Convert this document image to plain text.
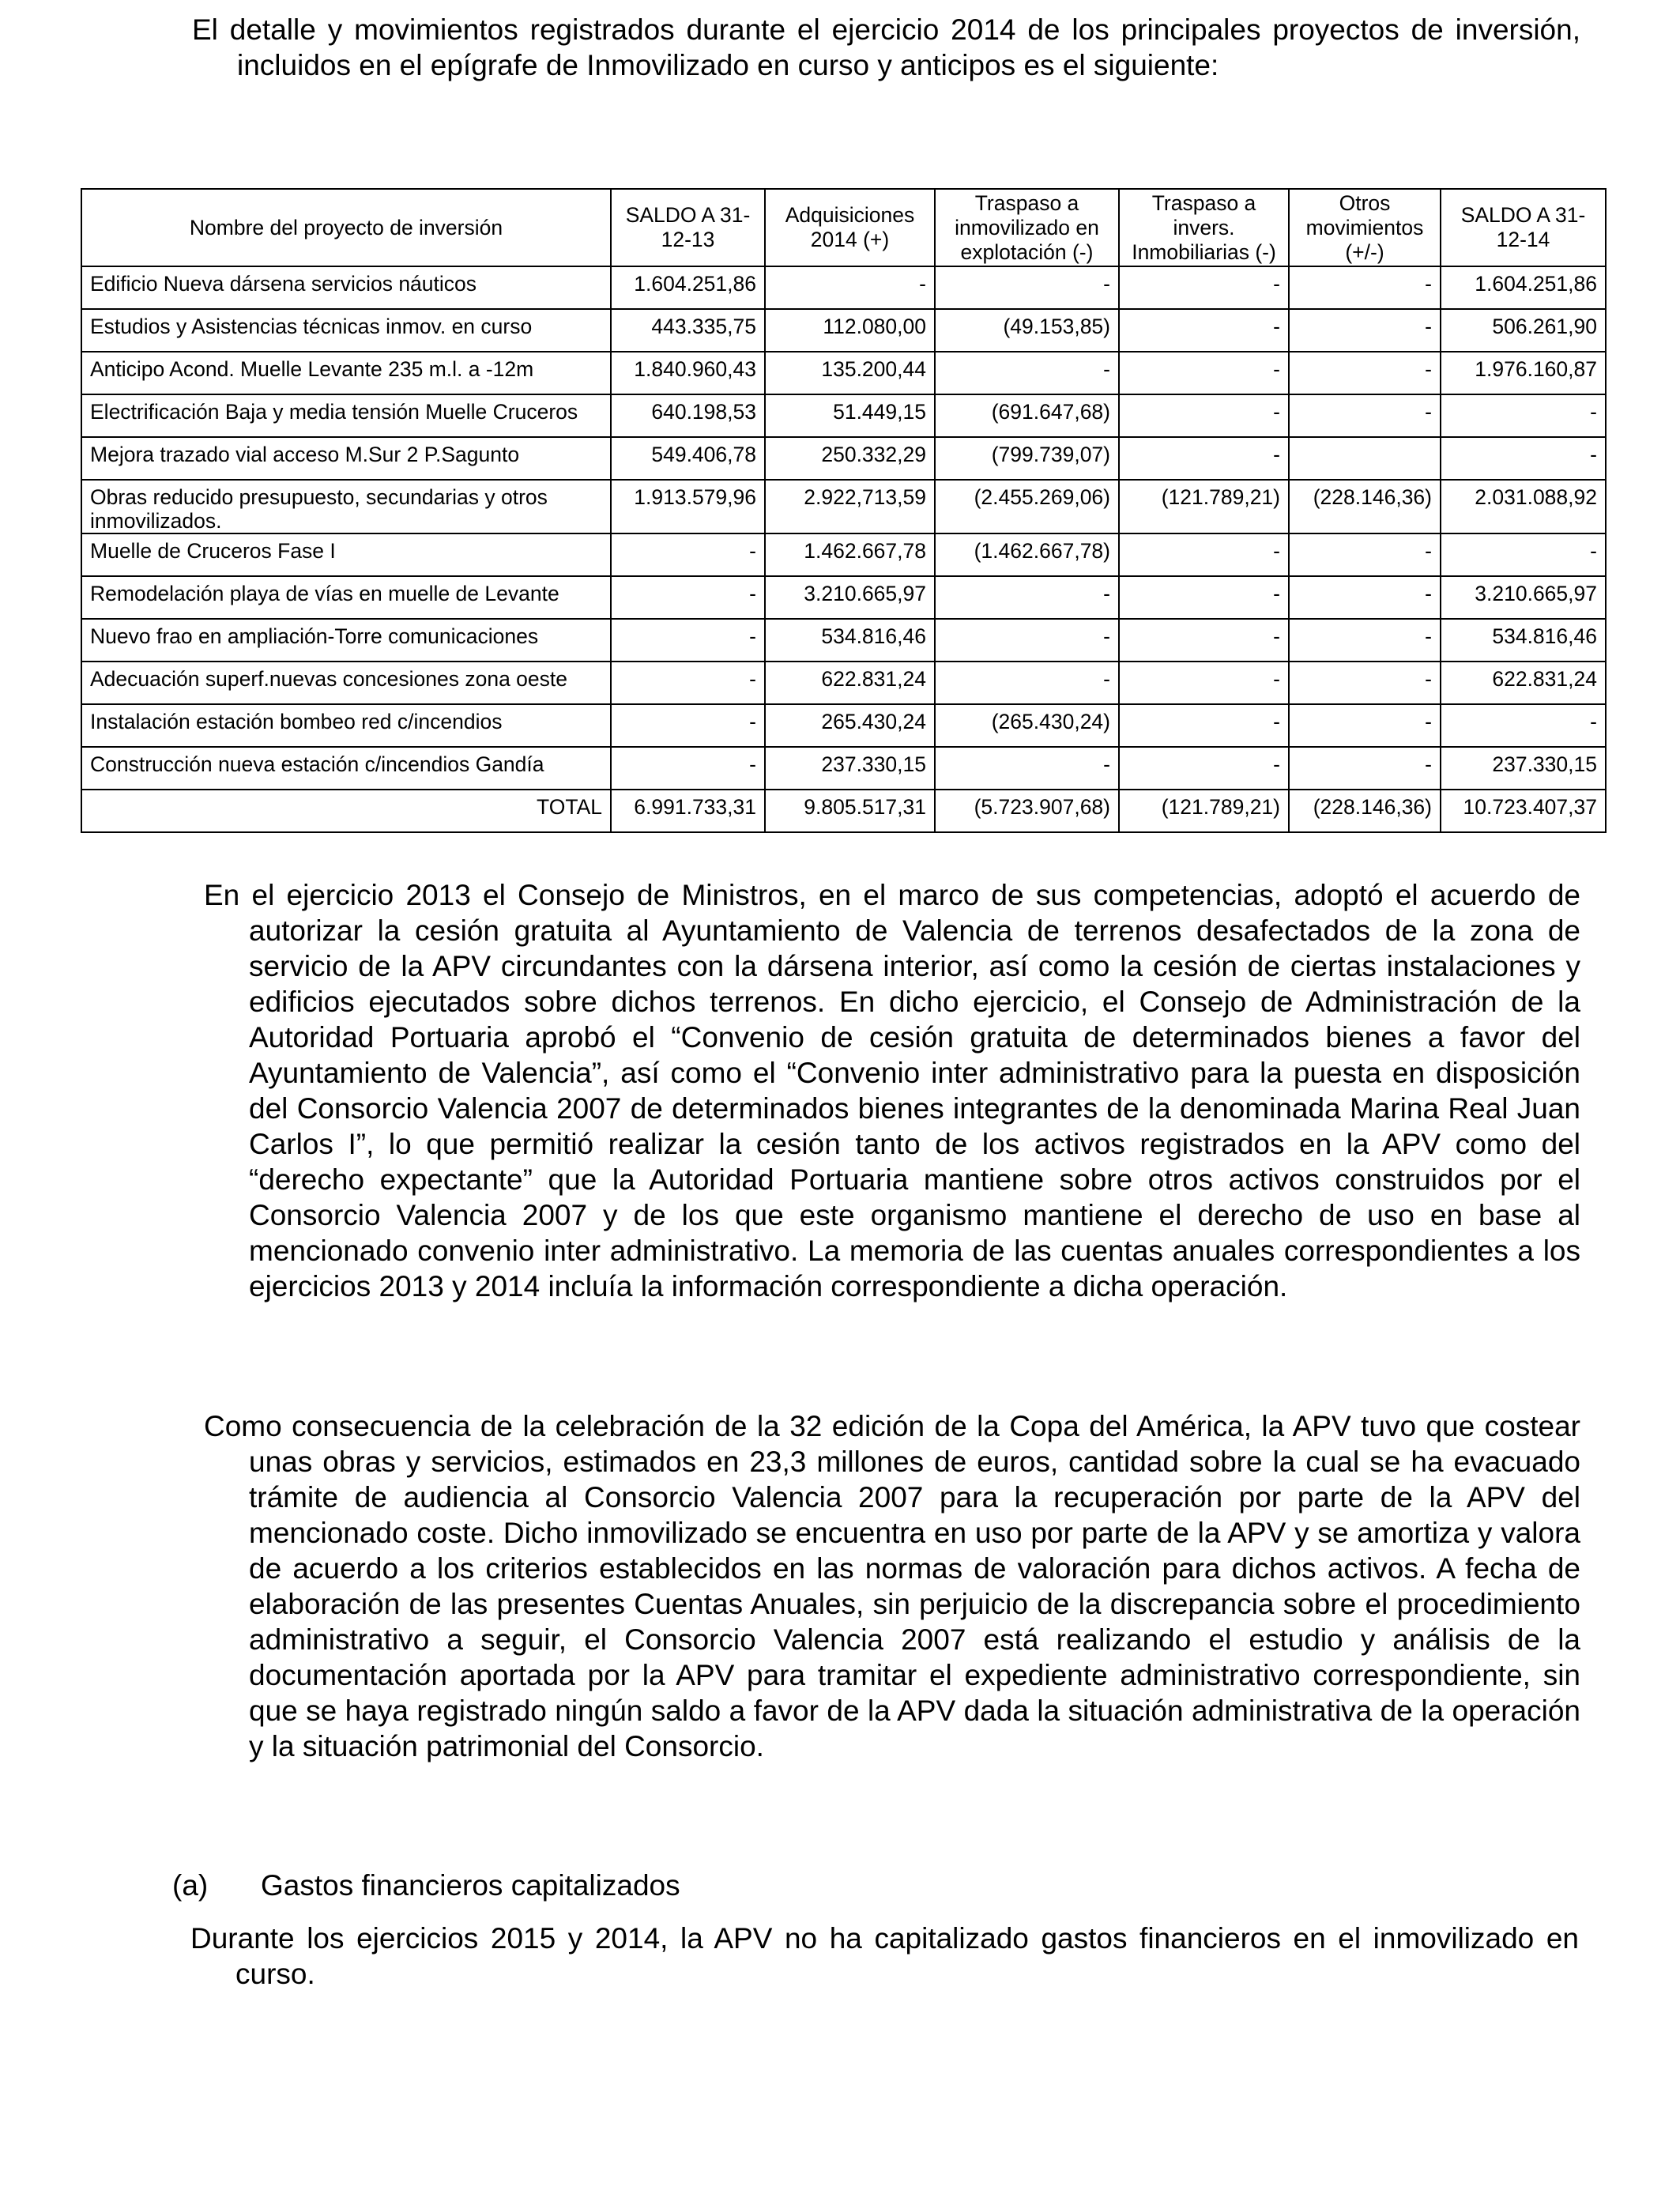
El detalle y movimientos registrados durante el ejercicio 2014 de los principales proyectos de inversión, incluidos en el epígrafe de Inmovilizado en curso y anticipos es el siguiente:
Nombre del proyecto de inversión	SALDO A 31-12-13	Adquisiciones 2014 (+)	Traspaso a inmovilizado en explotación (-)	Traspaso a invers. Inmobiliarias (-)	Otros movimientos (+/-)	SALDO A 31-12-14
Edificio Nueva dársena servicios náuticos	1.604.251,86	-	-	-	-	1.604.251,86
Estudios y Asistencias técnicas inmov. en curso	443.335,75	112.080,00	(49.153,85)	-	-	506.261,90
Anticipo Acond. Muelle Levante 235 m.l. a -12m	1.840.960,43	135.200,44	-	-	-	1.976.160,87
Electrificación Baja y media tensión Muelle Cruceros	640.198,53	51.449,15	(691.647,68)	-	-	-
Mejora trazado vial acceso M.Sur 2 P.Sagunto	549.406,78	250.332,29	(799.739,07)	-		-
Obras reducido presupuesto, secundarias y otros inmovilizados.	1.913.579,96	2.922,713,59	(2.455.269,06)	(121.789,21)	(228.146,36)	2.031.088,92
Muelle de Cruceros Fase I	-	1.462.667,78	(1.462.667,78)	-	-	-
Remodelación playa de vías en muelle de Levante	-	3.210.665,97	-	-	-	3.210.665,97
Nuevo frao en ampliación-Torre comunicaciones	-	534.816,46	-	-	-	534.816,46
Adecuación superf.nuevas concesiones zona oeste	-	622.831,24	-	-	-	622.831,24
Instalación estación bombeo red c/incendios	-	265.430,24	(265.430,24)	-	-	-
Construcción nueva estación c/incendios Gandía	-	237.330,15	-	-	-	237.330,15
TOTAL	6.991.733,31	9.805.517,31	(5.723.907,68)	(121.789,21)	(228.146,36)	10.723.407,37
En el ejercicio 2013 el Consejo de Ministros, en el marco de sus competencias, adoptó el acuerdo de autorizar la cesión gratuita al Ayuntamiento de Valencia de terrenos desafectados de la zona de servicio de la APV circundantes con la dársena interior, así como la cesión de ciertas instalaciones y edificios ejecutados sobre dichos terrenos. En dicho ejercicio, el Consejo de Administración de la Autoridad Portuaria aprobó el “Convenio de cesión gratuita de determinados bienes a favor del Ayuntamiento de Valencia”, así como el “Convenio inter administrativo para la puesta en disposición del Consorcio Valencia 2007 de determinados bienes integrantes de la denominada Marina Real Juan Carlos I”, lo que permitió realizar la cesión tanto de los activos registrados en la APV como del “derecho expectante” que la Autoridad Portuaria mantiene sobre otros activos construidos por el Consorcio Valencia 2007 y de los que este organismo mantiene el derecho de uso en base al mencionado convenio inter administrativo. La memoria de las cuentas anuales correspondientes a los ejercicios 2013 y 2014 incluía la información correspondiente a dicha operación.
Como consecuencia de la celebración de la 32 edición de la Copa del América, la APV tuvo que costear unas obras y servicios, estimados en 23,3 millones de euros, cantidad sobre la cual se ha evacuado trámite de audiencia al Consorcio Valencia 2007 para la recuperación por parte de la APV del mencionado coste. Dicho inmovilizado se encuentra en uso por parte de la APV y se amortiza y valora de acuerdo a los criterios establecidos en las normas de valoración para dichos activos. A fecha de elaboración de las presentes Cuentas Anuales, sin perjuicio de la discrepancia sobre el procedimiento administrativo a seguir, el Consorcio Valencia 2007 está realizando el estudio y análisis de la documentación aportada por la APV para tramitar el expediente administrativo correspondiente, sin que se haya registrado ningún saldo a favor de la APV dada la situación administrativa de la operación y la situación patrimonial del Consorcio.
(a) Gastos financieros capitalizados
Durante los ejercicios 2015 y 2014, la APV no ha capitalizado gastos financieros en el inmovilizado en curso.
